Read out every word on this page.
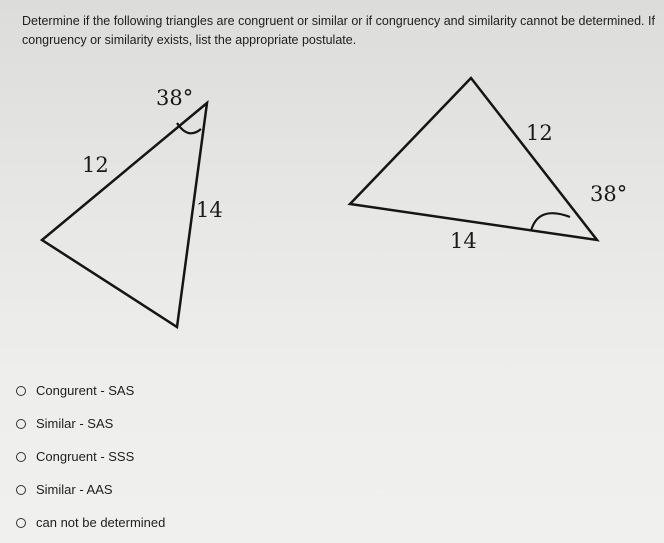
Determine if the following triangles are congruent or similar or if congruency and similarity cannot be determined. If congruency or similarity exists, list the appropriate postulate.

38°
12
14
12
38°
14
Congurent - SAS
Similar - SAS
Congruent - SSS
Similar - AAS
can not be determined
